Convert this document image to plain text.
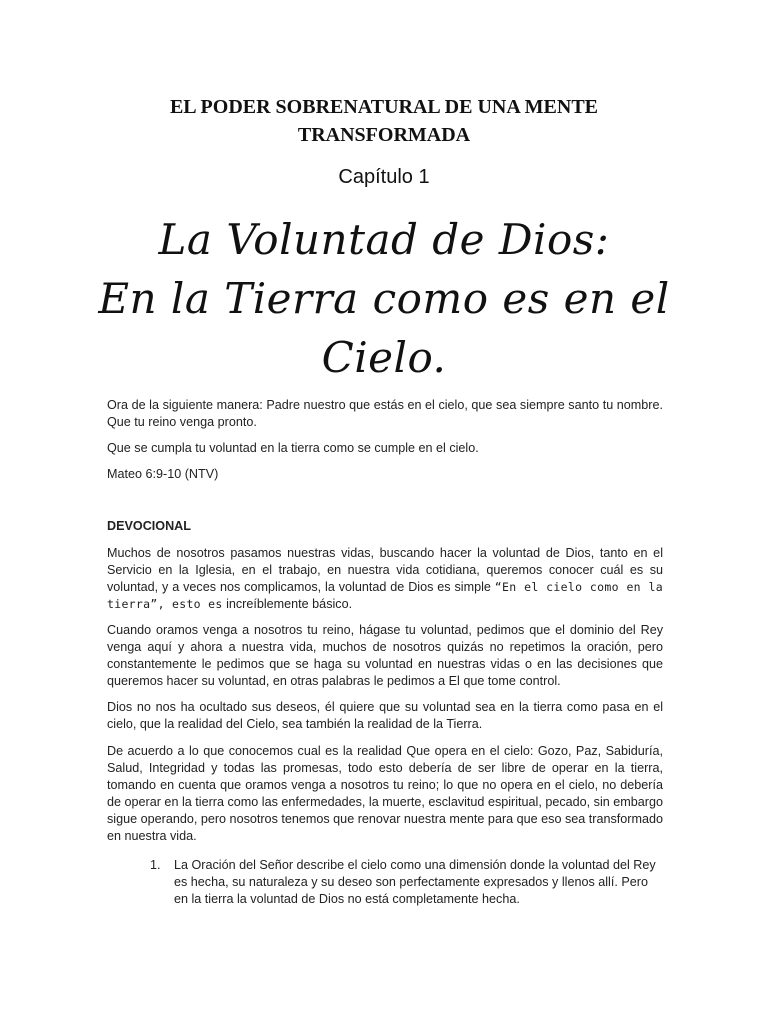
EL PODER SOBRENATURAL DE UNA MENTE
TRANSFORMADA
Capítulo 1
La Voluntad de Dios:
En la Tierra como es en el
Cielo.

Ora de la siguiente manera: Padre nuestro que estás en el cielo, que sea siempre santo tu nombre. Que tu reino venga pronto.

Que se cumpla tu voluntad en la tierra como se cumple en el cielo.

Mateo 6:9-10 (NTV)

DEVOCIONAL

Muchos de nosotros pasamos nuestras vidas, buscando hacer la voluntad de Dios, tanto en el Servicio en la Iglesia, en el trabajo, en nuestra vida cotidiana, queremos conocer cuál es su voluntad, y a veces nos complicamos, la voluntad de Dios es simple “En el cielo como en la tierra”, esto es increíblemente básico.

Cuando oramos venga a nosotros tu reino, hágase tu voluntad, pedimos que el dominio del Rey venga aquí y ahora a nuestra vida, muchos de nosotros quizás no repetimos la oración, pero constantemente le pedimos que se haga su voluntad en nuestras vidas o en las decisiones que queremos hacer su voluntad, en otras palabras le pedimos a El que tome control.

Dios no nos ha ocultado sus deseos, él quiere que su voluntad sea en la tierra como pasa en el cielo, que la realidad del Cielo, sea también la realidad de la Tierra.

De acuerdo a lo que conocemos cual es la realidad Que opera en el cielo: Gozo, Paz, Sabiduría, Salud, Integridad y todas las promesas, todo esto debería de ser libre de operar en la tierra, tomando en cuenta que oramos venga a nosotros tu reino; lo que no opera en el cielo, no debería de operar en la tierra como las enfermedades, la muerte, esclavitud espiritual, pecado, sin embargo sigue operando, pero nosotros tenemos que renovar nuestra mente para que eso sea transformado en nuestra vida.

1. La Oración del Señor describe el cielo como una dimensión donde la voluntad del Rey es hecha, su naturaleza y su deseo son perfectamente expresados y llenos allí. Pero en la tierra la voluntad de Dios no está completamente hecha.
